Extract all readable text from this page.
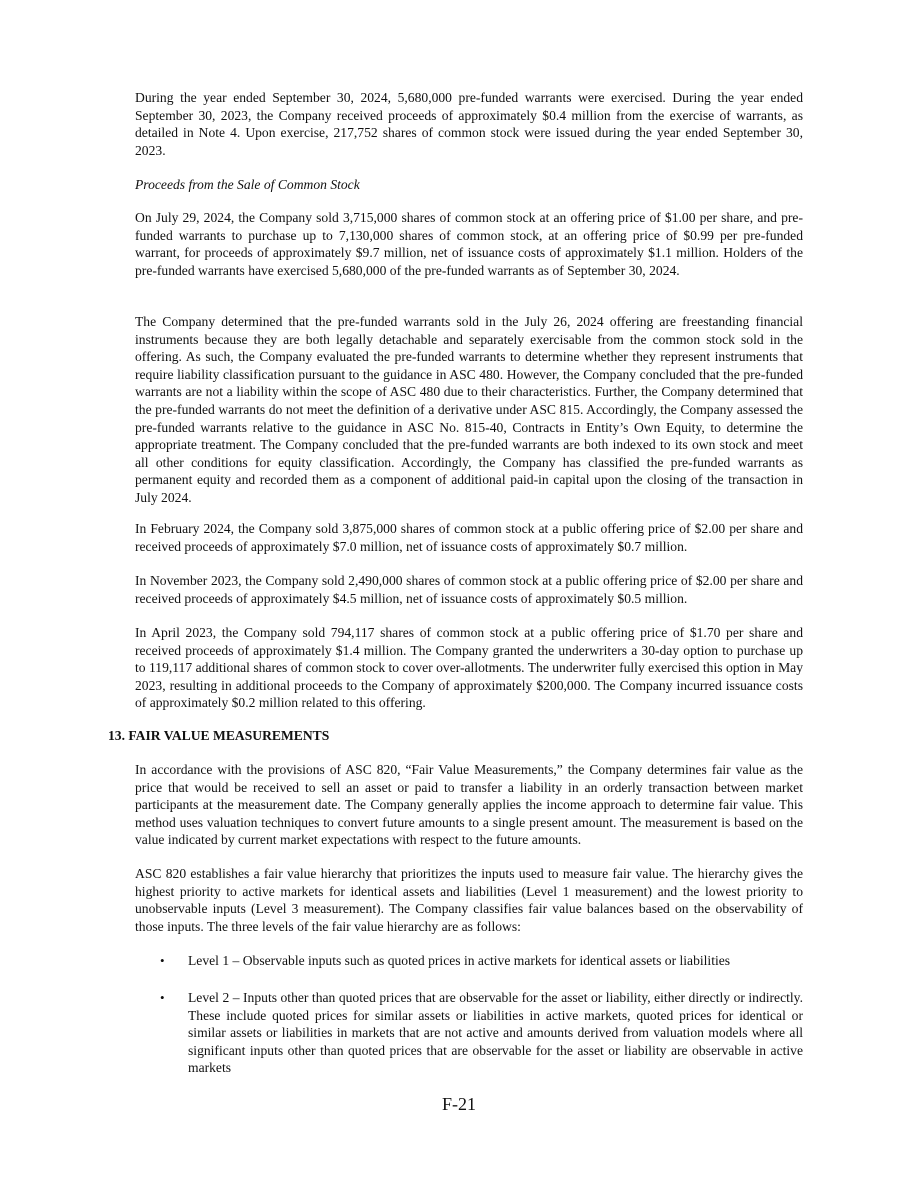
During the year ended September 30, 2024, 5,680,000 pre-funded warrants were exercised. During the year ended September 30, 2023, the Company received proceeds of approximately $0.4 million from the exercise of warrants, as detailed in Note 4. Upon exercise, 217,752 shares of common stock were issued during the year ended September 30, 2023.

Proceeds from the Sale of Common Stock

On July 29, 2024, the Company sold 3,715,000 shares of common stock at an offering price of $1.00 per share, and pre-funded warrants to purchase up to 7,130,000 shares of common stock, at an offering price of $0.99 per pre-funded warrant, for proceeds of approximately $9.7 million, net of issuance costs of approximately $1.1 million. Holders of the pre-funded warrants have exercised 5,680,000 of the pre-funded warrants as of September 30, 2024.

The Company determined that the pre-funded warrants sold in the July 26, 2024 offering are freestanding financial instruments because they are both legally detachable and separately exercisable from the common stock sold in the offering. As such, the Company evaluated the pre-funded warrants to determine whether they represent instruments that require liability classification pursuant to the guidance in ASC 480. However, the Company concluded that the pre-funded warrants are not a liability within the scope of ASC 480 due to their characteristics. Further, the Company determined that the pre-funded warrants do not meet the definition of a derivative under ASC 815. Accordingly, the Company assessed the pre-funded warrants relative to the guidance in ASC No. 815-40, Contracts in Entity’s Own Equity, to determine the appropriate treatment. The Company concluded that the pre-funded warrants are both indexed to its own stock and meet all other conditions for equity classification. Accordingly, the Company has classified the pre-funded warrants as permanent equity and recorded them as a component of additional paid-in capital upon the closing of the transaction in July 2024.

In February 2024, the Company sold 3,875,000 shares of common stock at a public offering price of $2.00 per share and received proceeds of approximately $7.0 million, net of issuance costs of approximately $0.7 million.

In November 2023, the Company sold 2,490,000 shares of common stock at a public offering price of $2.00 per share and received proceeds of approximately $4.5 million, net of issuance costs of approximately $0.5 million.

In April 2023, the Company sold 794,117 shares of common stock at a public offering price of $1.70 per share and received proceeds of approximately $1.4 million. The Company granted the underwriters a 30-day option to purchase up to 119,117 additional shares of common stock to cover over-allotments. The underwriter fully exercised this option in May 2023, resulting in additional proceeds to the Company of approximately $200,000. The Company incurred issuance costs of approximately $0.2 million related to this offering.

13. FAIR VALUE MEASUREMENTS

In accordance with the provisions of ASC 820, “Fair Value Measurements,” the Company determines fair value as the price that would be received to sell an asset or paid to transfer a liability in an orderly transaction between market participants at the measurement date. The Company generally applies the income approach to determine fair value. This method uses valuation techniques to convert future amounts to a single present amount. The measurement is based on the value indicated by current market expectations with respect to the future amounts.

ASC 820 establishes a fair value hierarchy that prioritizes the inputs used to measure fair value. The hierarchy gives the highest priority to active markets for identical assets and liabilities (Level 1 measurement) and the lowest priority to unobservable inputs (Level 3 measurement). The Company classifies fair value balances based on the observability of those inputs. The three levels of the fair value hierarchy are as follows:

•	Level 1 – Observable inputs such as quoted prices in active markets for identical assets or liabilities
•	Level 2 – Inputs other than quoted prices that are observable for the asset or liability, either directly or indirectly. These include quoted prices for similar assets or liabilities in active markets, quoted prices for identical or similar assets or liabilities in markets that are not active and amounts derived from valuation models where all significant inputs other than quoted prices that are observable for the asset or liability are observable in active markets
F-21
